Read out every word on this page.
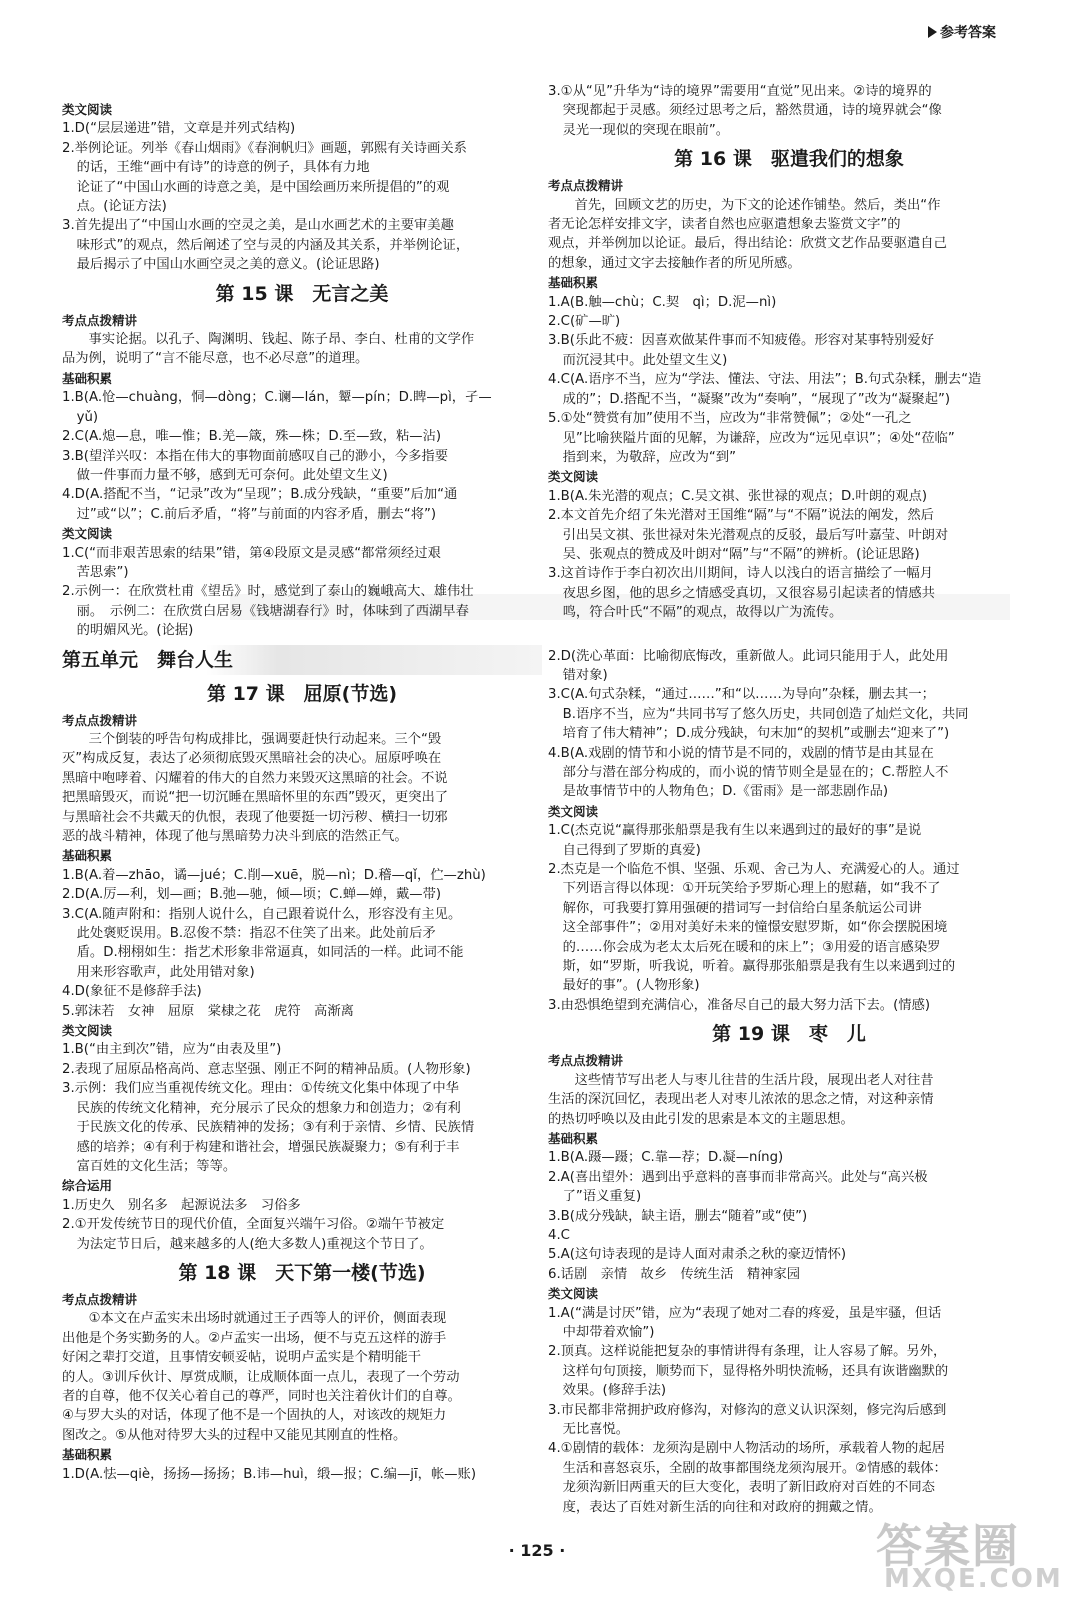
参考答案
类文阅读
1.D(“层层递进”错，文章是并列式结构)
2.举例论证。列举《春山烟雨》《春涧帆归》画题，郭熙有关诗画关系
的话，王维“画中有诗”的诗意的例子，具体有力地
论证了“中国山水画的诗意之美，是中国绘画历来所提倡的”的观
点。(论证方法)
3.首先提出了“中国山水画的空灵之美，是山水画艺术的主要审美趣
味形式”的观点，然后阐述了空与灵的内涵及其关系，并举例论证，
最后揭示了中国山水画空灵之美的意义。(论证思路)
第 15 课　无言之美
考点点拨精讲
事实论据。以孔子、陶渊明、钱起、陈子昂、李白、杜甫的文学作
品为例，说明了“言不能尽意，也不必尽意”的道理。
基础积累
1.B(A.怆—chuàng，恫—dòng；C.谰—lán，颦—pín；D.睥—pì，孑—
yǔ)
2.C(A.熄—息，唯—惟；B.羌—箴，殊—株；D.至—致，粘—沾)
3.B(望洋兴叹：本指在伟大的事物面前感叹自己的渺小，今多指要
做一件事而力量不够，感到无可奈何。此处望文生义)
4.D(A.搭配不当，“记录”改为“呈现”；B.成分残缺，“重要”后加“通
过”或“以”；C.前后矛盾，“将”与前面的内容矛盾，删去“将”)
类文阅读
1.C(“而非艰苦思索的结果”错，第④段原文是灵感“都常须经过艰
苦思索”)
2.示例一：在欣赏杜甫《望岳》时，感觉到了泰山的巍峨高大、雄伟壮
丽。　示例二：在欣赏白居易《钱塘湖春行》时，体味到了西湖早春
的明媚风光。(论据)
第五单元　舞台人生
第 17 课　屈原(节选)
考点点拨精讲
三个倒装的呼告句构成排比，强调要赶快行动起来。三个“毁
灭”构成反复，表达了必须彻底毁灭黑暗社会的决心。屈原呼唤在
黑暗中咆哮着、闪耀着的伟大的自然力来毁灭这黑暗的社会。不说
把黑暗毁灭，而说“把一切沉睡在黑暗怀里的东西”毁灭，更突出了
与黑暗社会不共戴天的仇恨，表现了他要挺一切污秽、横扫一切邪
恶的战斗精神，体现了他与黑暗势力决斗到底的浩然正气。
基础积累
1.B(A.着—zhāo，谲—jué；C.削—xuē，脱—nì；D.稽—qǐ，伫—zhù)
2.D(A.厉—利，划—画；B.弛—驰，倾—顷；C.蝉—婵，戴—带)
3.C(A.随声附和：指别人说什么，自己跟着说什么，形容没有主见。
此处褒贬误用。B.忍俊不禁：指忍不住笑了出来。此处前后矛
盾。D.栩栩如生：指艺术形象非常逼真，如同活的一样。此词不能
用来形容歌声，此处用错对象)
4.D(象征不是修辞手法)
5.郭沫若　女神　屈原　棠棣之花　虎符　高渐离
类文阅读
1.B(“由主到次”错，应为“由表及里”)
2.表现了屈原品格高尚、意志坚强、刚正不阿的精神品质。(人物形象)
3.示例：我们应当重视传统文化。理由：①传统文化集中体现了中华
民族的传统文化精神，充分展示了民众的想象力和创造力；②有利
于民族文化的传承、民族精神的发扬；③有利于亲情、乡情、民族情
感的培养；④有利于构建和谐社会，增强民族凝聚力；⑤有利于丰
富百姓的文化生活；等等。
综合运用
1.历史久　别名多　起源说法多　习俗多
2.①开发传统节日的现代价值，全面复兴端午习俗。②端午节被定
为法定节日后，越来越多的人(绝大多数人)重视这个节日了。
第 18 课　天下第一楼(节选)
考点点拨精讲
①本文在卢孟实未出场时就通过王子西等人的评价，侧面表现
出他是个务实勤务的人。②卢孟实一出场，便不与克五这样的游手
好闲之辈打交道，且事情安顿妥帖，说明卢孟实是个精明能干
的人。③训斥伙计、厚赏成顺，让成顺体面一点儿，表现了一个劳动
者的自尊，他不仅关心着自己的尊严，同时也关注着伙计们的自尊。
④与罗大头的对话，体现了他不是一个固执的人，对该改的规矩力
图改之。⑤从他对待罗大头的过程中又能见其刚直的性格。
基础积累
1.D(A.怯—qiè，扬扬—扬扬；B.讳—huì，缎—报；C.编—jī，帐—账)
3.①从“见”升华为“诗的境界”需要用“直觉”见出来。②诗的境界的
突现都起于灵感。须经过思考之后，豁然贯通，诗的境界就会“像
灵光一现似的突现在眼前”。
第 16 课　驱遣我们的想象
考点点拨精讲
首先，回顾文艺的历史，为下文的论述作铺垫。然后，类出“作
者无论怎样安排文字，读者自然也应驱遣想象去鉴赏文字”的
观点，并举例加以论证。最后，得出结论：欣赏文艺作品要驱遣自己
的想象，通过文字去接触作者的所见所感。
基础积累
1.A(B.触—chù；C.契　qì；D.泥—nì)
2.C(矿—旷)
3.B(乐此不疲：因喜欢做某件事而不知疲倦。形容对某事特别爱好
而沉浸其中。此处望文生义)
4.C(A.语序不当，应为“学法、懂法、守法、用法”；B.句式杂糅，删去“造
成的”；D.搭配不当，“凝聚”改为“奏响”，“展现了”改为“凝聚起”)
5.①处“赞赏有加”使用不当，应改为“非常赞佩”；②处“一孔之
见”比喻狭隘片面的见解，为谦辞，应改为“远见卓识”；④处“莅临”
指到来，为敬辞，应改为“到”
类文阅读
1.B(A.朱光潜的观点；C.吴文祺、张世禄的观点；D.叶朗的观点)
2.本文首先介绍了朱光潜对王国维“隔”与“不隔”说法的阐发，然后
引出吴文祺、张世禄对朱光潜观点的反驳，最后写叶嘉莹、叶朗对
吴、张观点的赞成及叶朗对“隔”与“不隔”的辨析。(论证思路)
3.这首诗作于李白初次出川期间，诗人以浅白的语言描绘了一幅月
夜思乡图，他的思乡之情感受真切，又很容易引起读者的情感共
鸣，符合叶氏“不隔”的观点，故得以广为流传。
2.D(洗心革面：比喻彻底悔改，重新做人。此词只能用于人，此处用
错对象)
3.C(A.句式杂糅，“通过……”和“以……为导向”杂糅，删去其一；
B.语序不当，应为“共同书写了悠久历史，共同创造了灿烂文化，共同
培育了伟大精神”；D.成分残缺，句末加“的契机”或删去“迎来了”)
4.B(A.戏剧的情节和小说的情节是不同的，戏剧的情节是由其显在
部分与潜在部分构成的，而小说的情节则全是显在的；C.帮腔人不
是故事情节中的人物角色；D.《雷雨》是一部悲剧作品)
类文阅读
1.C(杰克说“赢得那张船票是我有生以来遇到过的最好的事”是说
自己得到了罗斯的真爱)
2.杰克是一个临危不惧、坚强、乐观、舍己为人、充满爱心的人。通过
下列语言得以体现：①开玩笑给予罗斯心理上的慰藉，如“我不了
解你，可我要打算用强硬的措词写一封信给白星条航运公司讲
这全部事件”；②用对美好未来的憧憬安慰罗斯，如“你会摆脱困境
的……你会成为老太太后死在暖和的床上”；③用爱的语言感染罗
斯，如“罗斯，听我说，听着。赢得那张船票是我有生以来遇到过的
最好的事”。(人物形象)
3.由恐惧绝望到充满信心，准备尽自己的最大努力活下去。(情感)
第 19 课　枣　儿
考点点拨精讲
这些情节写出老人与枣儿往昔的生活片段，展现出老人对往昔
生活的深沉回忆，表现出老人对枣儿浓浓的思念之情，对这种亲情
的热切呼唤以及由此引发的思索是本文的主题思想。
基础积累
1.B(A.蹑—蹑；C.靠—荐；D.凝—níng)
2.A(喜出望外：遇到出乎意料的喜事而非常高兴。此处与“高兴极
了”语义重复)
3.B(成分残缺，缺主语，删去“随着”或“使”)
4.C
5.A(这句诗表现的是诗人面对肃杀之秋的豪迈情怀)
6.话剧　亲情　故乡　传统生活　精神家园
类文阅读
1.A(“满是讨厌”错，应为“表现了她对二春的疼爱，虽是牢骚，但话
中却带着欢愉”)
2.顶真。这样说能把复杂的事情讲得有条理，让人容易了解。另外，
这样句句顶接，顺势而下，显得格外明快流畅，还具有诙谐幽默的
效果。(修辞手法)
3.市民都非常拥护政府修沟，对修沟的意义认识深刻，修完沟后感到
无比喜悦。
4.①剧情的载体：龙须沟是剧中人物活动的场所，承载着人物的起居
生活和喜怒哀乐，全剧的故事都围绕龙须沟展开。②情感的载体：
龙须沟新旧两重天的巨大变化，表明了新旧政府对百姓的不同态
度，表达了百姓对新生活的向往和对政府的拥戴之情。
· 125 ·	答案圈
MXQE.COM
